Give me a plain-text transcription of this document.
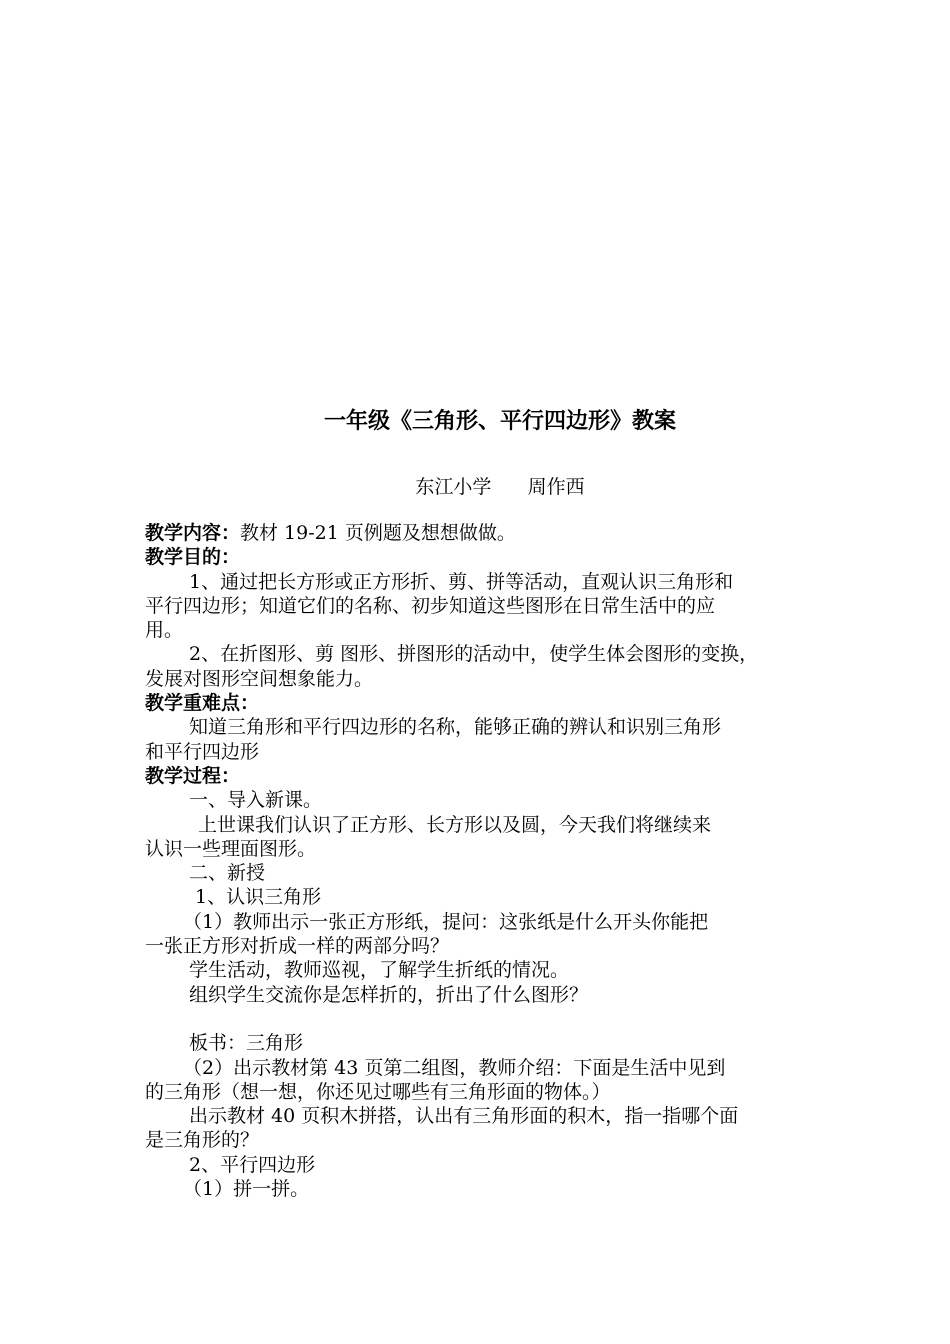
一年级《三角形、平行四边形》教案
东江小学      周作西
教学内容：教材 19-21 页例题及想想做做。
教学目的：
1、通过把长方形或正方形折、剪、拼等活动，直观认识三角形和
平行四边形；知道它们的名称、初步知道这些图形在日常生活中的应
用。
2、在折图形、剪 图形、拼图形的活动中，使学生体会图形的变换，
发展对图形空间想象能力。
教学重难点：
知道三角形和平行四边形的名称，能够正确的辨认和识别三角形
和平行四边形
教学过程：
一、导入新课。
上世课我们认识了正方形、长方形以及圆，今天我们将继续来
认识一些理面图形。
二、新授
1、认识三角形
（1）教师出示一张正方形纸，提问：这张纸是什么开头你能把
一张正方形对折成一样的两部分吗？
学生活动，教师巡视，了解学生折纸的情况。
组织学生交流你是怎样折的，折出了什么图形？
板书：三角形
（2）出示教材第 43 页第二组图，教师介绍：下面是生活中见到
的三角形（想一想，你还见过哪些有三角形面的物体。）
出示教材 40 页积木拼搭，认出有三角形面的积木，指一指哪个面
是三角形的？
2、平行四边形
（1）拼一拼。
